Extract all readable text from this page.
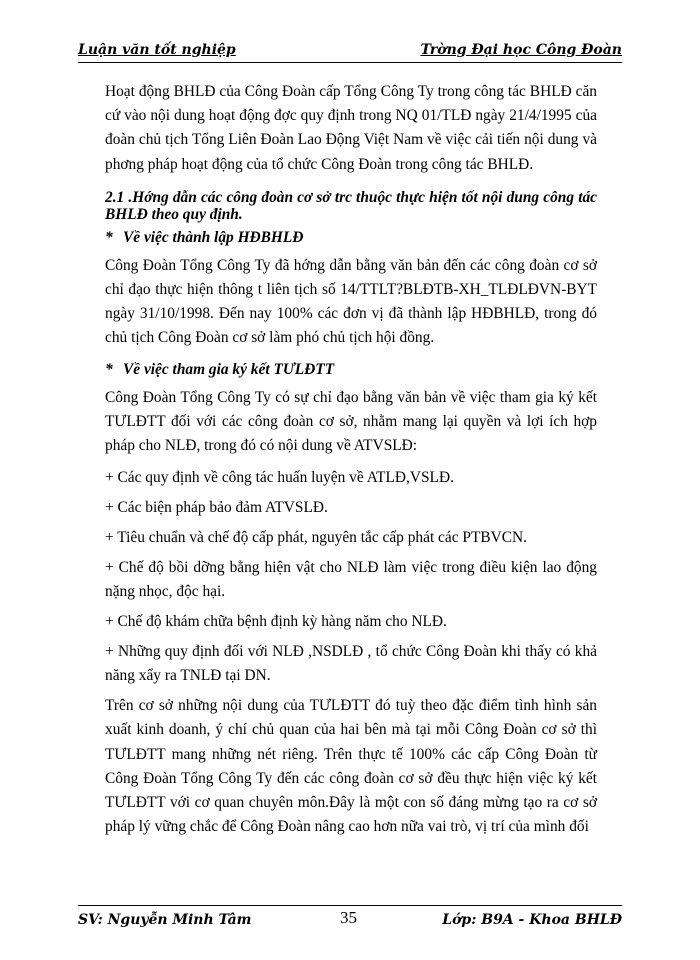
Luận văn tốt nghiệp	Trờng Đại học Công Đoàn

Hoạt động BHLĐ của Công Đoàn cấp Tổng Công Ty trong công tác BHLĐ căn cứ vào nội dung hoạt động đợc quy định trong NQ 01/TLĐ ngày 21/4/1995 của đoàn chủ tịch Tổng Liên Đoàn Lao Động Việt Nam về việc cải tiến nội dung và phơng pháp hoạt động của tổ chức Công Đoàn trong công tác BHLĐ.

2.1 .Hớng dẫn các công đoàn cơ sở trc thuộc thực hiện tốt nội dung công tác BHLĐ theo quy định.
* Về việc thành lập HĐBHLĐ

Công Đoàn Tổng Công Ty đã hớng dẫn bằng văn bản đến các công đoàn cơ sở chỉ đạo thực hiện thông t liên tịch số 14/TTLT?BLĐTB-XH_TLĐLĐVN-BYT ngày 31/10/1998. Đến nay 100% các đơn vị đã thành lập HĐBHLĐ, trong đó chủ tịch Công Đoàn cơ sở làm phó chủ tịch hội đồng.

* Về việc tham gia ký kết TƯLĐTT

Công Đoàn Tổng Công Ty có sự chỉ đạo bằng văn bản về việc tham gia ký kết TƯLĐTT đối với các công đoàn cơ sở, nhằm mang lại quyền và lợi ích hợp pháp cho NLĐ, trong đó có nội dung về ATVSLĐ:

+ Các quy định về công tác huấn luyện về ATLĐ,VSLĐ.

+ Các biện pháp bảo đảm ATVSLĐ.

+ Tiêu chuẩn và chế độ cấp phát, nguyên tắc cấp phát các PTBVCN.

+ Chế độ bồi dỡng bằng hiện vật cho NLĐ làm việc trong điều kiện lao động nặng nhọc, độc hại.

+ Chế độ khám chữa bệnh định kỳ hàng năm cho NLĐ.

+ Những quy định đối với NLĐ ,NSDLĐ , tổ chức Công Đoàn khi thấy có khả năng xẩy ra TNLĐ tại DN.

Trên cơ sở những nội dung của TƯLĐTT đó tuỳ theo đặc điểm tình hình sản xuất kinh doanh, ý chí chủ quan của hai bên mà tại mỗi Công Đoàn cơ sở thì TƯLĐTT mang những nét riêng. Trên thực tế 100% các cấp Công Đoàn từ Công Đoàn Tổng Công Ty đến các công đoàn cơ sở đều thực hiện việc ký kết TƯLĐTT với cơ quan chuyên môn.Đây là một con số đáng mừng tạo ra cơ sở pháp lý vững chắc để Công Đoàn nâng cao hơn nữa vai trò, vị trí của mình đối

SV: Nguyễn Minh Tâm	35	Lớp: B9A - Khoa BHLĐ
